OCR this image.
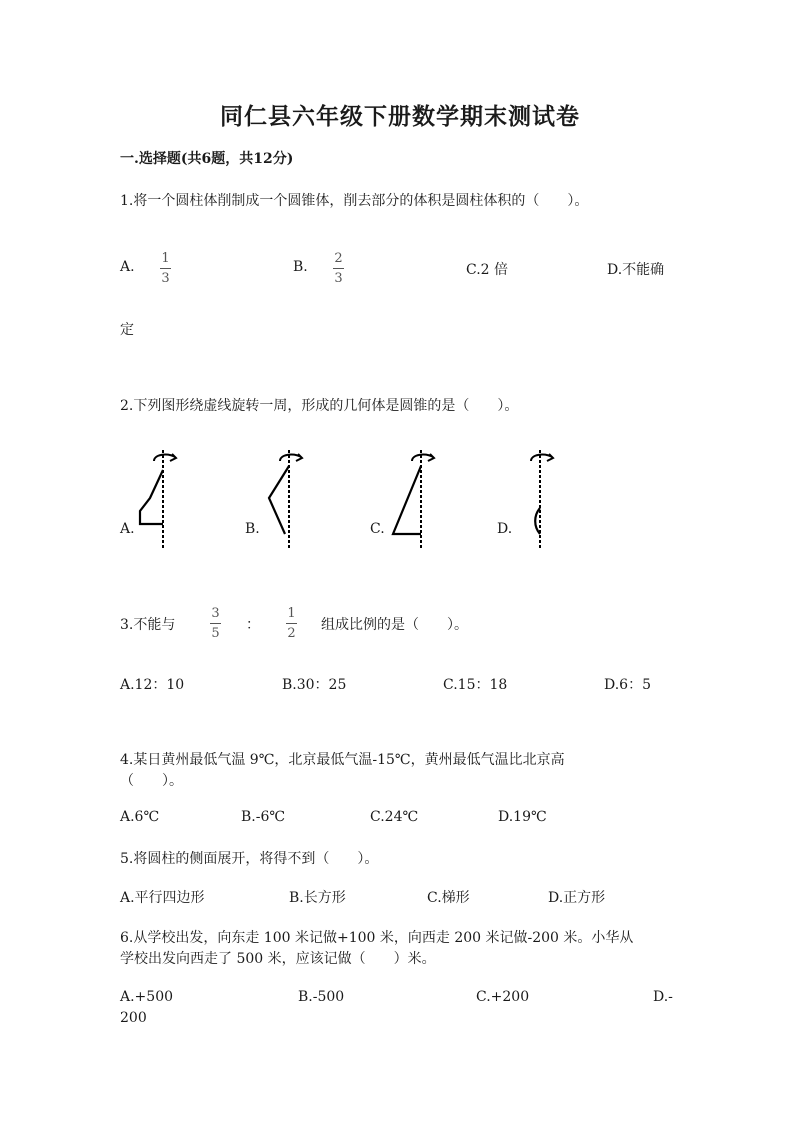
同仁县六年级下册数学期末测试卷
一.选择题(共6题，共12分)
1.将一个圆柱体削制成一个圆锥体，削去部分的体积是圆柱体积的（　　）。
A.
1
3
B.
2
3
C.2 倍	D.不能确
定
2.下列图形绕虚线旋转一周，形成的几何体是圆锥的是（　　）。
A.	B.	C.	D.
3.不能与
3
5
：
1
2
组成比例的是（　　）。
A.12：10	B.30：25	C.15：18	D.6：5
4.某日黄州最低气温 9℃，北京最低气温-15℃，黄州最低气温比北京高
（　　）。
A.6℃	B.-6℃	C.24℃	D.19℃
5.将圆柱的侧面展开，将得不到（　　）。
A.平行四边形	B.长方形	C.梯形	D.正方形
6.从学校出发，向东走 100 米记做+100 米，向西走 200 米记做-200 米。小华从
学校出发向西走了 500 米，应该记做（　　）米。
A.+500	B.-500	C.+200	D.-
200
